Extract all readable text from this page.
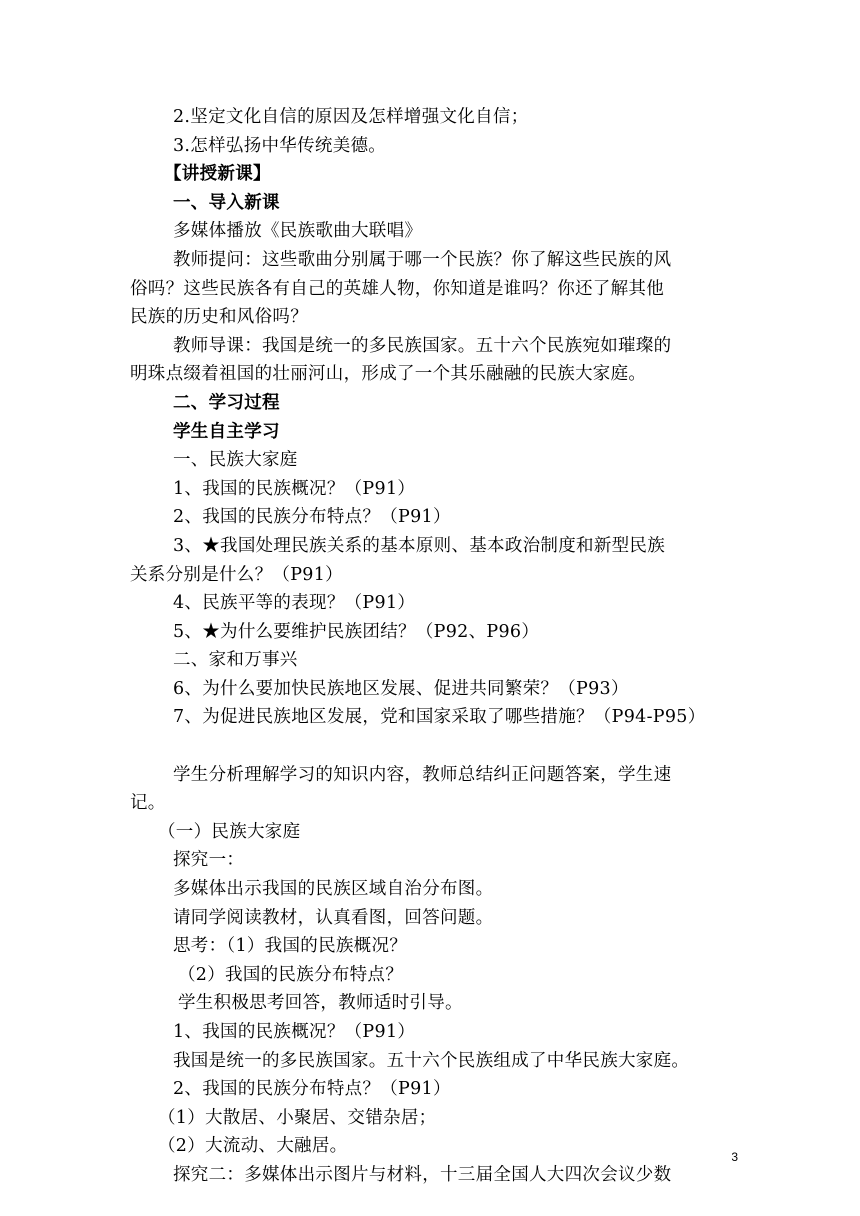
2.坚定文化自信的原因及怎样增强文化自信；
3.怎样弘扬中华传统美德。
【讲授新课】
一、导入新课
多媒体播放《民族歌曲大联唱》
教师提问：这些歌曲分别属于哪一个民族？你了解这些民族的风
俗吗？这些民族各有自己的英雄人物，你知道是谁吗？你还了解其他
民族的历史和风俗吗？
教师导课：我国是统一的多民族国家。五十六个民族宛如璀璨的
明珠点缀着祖国的壮丽河山，形成了一个其乐融融的民族大家庭。
二、学习过程
学生自主学习
一、民族大家庭
1、我国的民族概况？（P91）
2、我国的民族分布特点？（P91）
3、★我国处理民族关系的基本原则、基本政治制度和新型民族
关系分别是什么？（P91）
4、民族平等的表现？（P91）
5、★为什么要维护民族团结？（P92、P96）
二、家和万事兴
6、为什么要加快民族地区发展、促进共同繁荣？（P93）
7、为促进民族地区发展，党和国家采取了哪些措施？（P94-P95）
学生分析理解学习的知识内容，教师总结纠正问题答案，学生速
记。
（一）民族大家庭
探究一：
多媒体出示我国的民族区域自治分布图。
请同学阅读教材，认真看图，回答问题。
思考：（1）我国的民族概况？
（2）我国的民族分布特点？
学生积极思考回答，教师适时引导。
1、我国的民族概况？（P91）
我国是统一的多民族国家。五十六个民族组成了中华民族大家庭。
2、我国的民族分布特点？（P91）
（1）大散居、小聚居、交错杂居；
（2）大流动、大融居。
探究二：多媒体出示图片与材料，十三届全国人大四次会议少数
3
